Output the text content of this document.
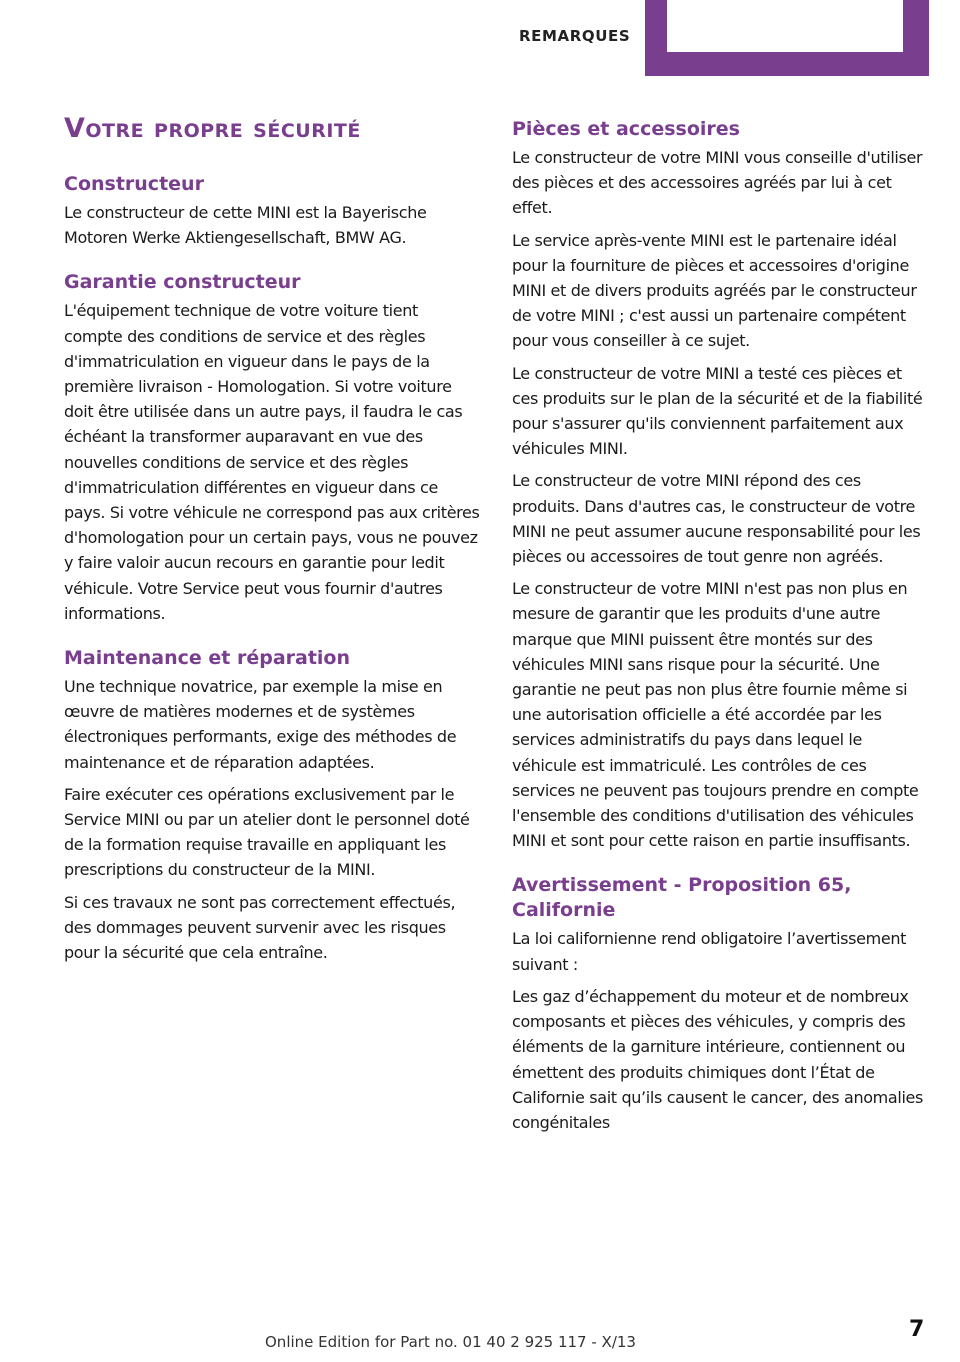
REMARQUES
Votre propre sécurité
Constructeur

Le constructeur de cette MINI est la Bayerische Motoren Werke Aktiengesellschaft, BMW AG.

Garantie constructeur

L'équipement technique de votre voiture tient compte des conditions de service et des règles d'immatriculation en vigueur dans le pays de la première livraison - Homologation. Si votre voiture doit être utilisée dans un autre pays, il faudra le cas échéant la transformer auparavant en vue des nouvelles conditions de service et des règles d'immatriculation différentes en vigueur dans ce pays. Si votre véhicule ne correspond pas aux critères d'homologation pour un certain pays, vous ne pouvez y faire valoir aucun recours en garantie pour ledit véhicule. Votre Service peut vous fournir d'autres informations.

Maintenance et réparation

Une technique novatrice, par exemple la mise en œuvre de matières modernes et de systèmes électroniques performants, exige des méthodes de maintenance et de réparation adaptées.

Faire exécuter ces opérations exclusivement par le Service MINI ou par un atelier dont le personnel doté de la formation requise travaille en appliquant les prescriptions du constructeur de la MINI.

Si ces travaux ne sont pas correctement effectués, des dommages peuvent survenir avec les risques pour la sécurité que cela entraîne.

Pièces et accessoires

Le constructeur de votre MINI vous conseille d'utiliser des pièces et des accessoires agréés par lui à cet effet.

Le service après-vente MINI est le partenaire idéal pour la fourniture de pièces et accessoires d'origine MINI et de divers produits agréés par le constructeur de votre MINI ; c'est aussi un partenaire compétent pour vous conseiller à ce sujet.

Le constructeur de votre MINI a testé ces pièces et ces produits sur le plan de la sécurité et de la fiabilité pour s'assurer qu'ils conviennent parfaitement aux véhicules MINI.

Le constructeur de votre MINI répond des ces produits. Dans d'autres cas, le constructeur de votre MINI ne peut assumer aucune responsabilité pour les pièces ou accessoires de tout genre non agréés.

Le constructeur de votre MINI n'est pas non plus en mesure de garantir que les produits d'une autre marque que MINI puissent être montés sur des véhicules MINI sans risque pour la sécurité. Une garantie ne peut pas non plus être fournie même si une autorisation officielle a été accordée par les services administratifs du pays dans lequel le véhicule est immatriculé. Les contrôles de ces services ne peuvent pas toujours prendre en compte l'ensemble des conditions d'utilisation des véhicules MINI et sont pour cette raison en partie insuffisants.

Avertissement - Proposition 65, Californie

La loi californienne rend obligatoire l’avertissement suivant :

Les gaz d’échappement du moteur et de nombreux composants et pièces des véhicules, y compris des éléments de la garniture intérieure, contiennent ou émettent des produits chimiques dont l’État de Californie sait qu’ils causent le cancer, des anomalies congénitales

Online Edition for Part no. 01 40 2 925 117 - X/13	7
